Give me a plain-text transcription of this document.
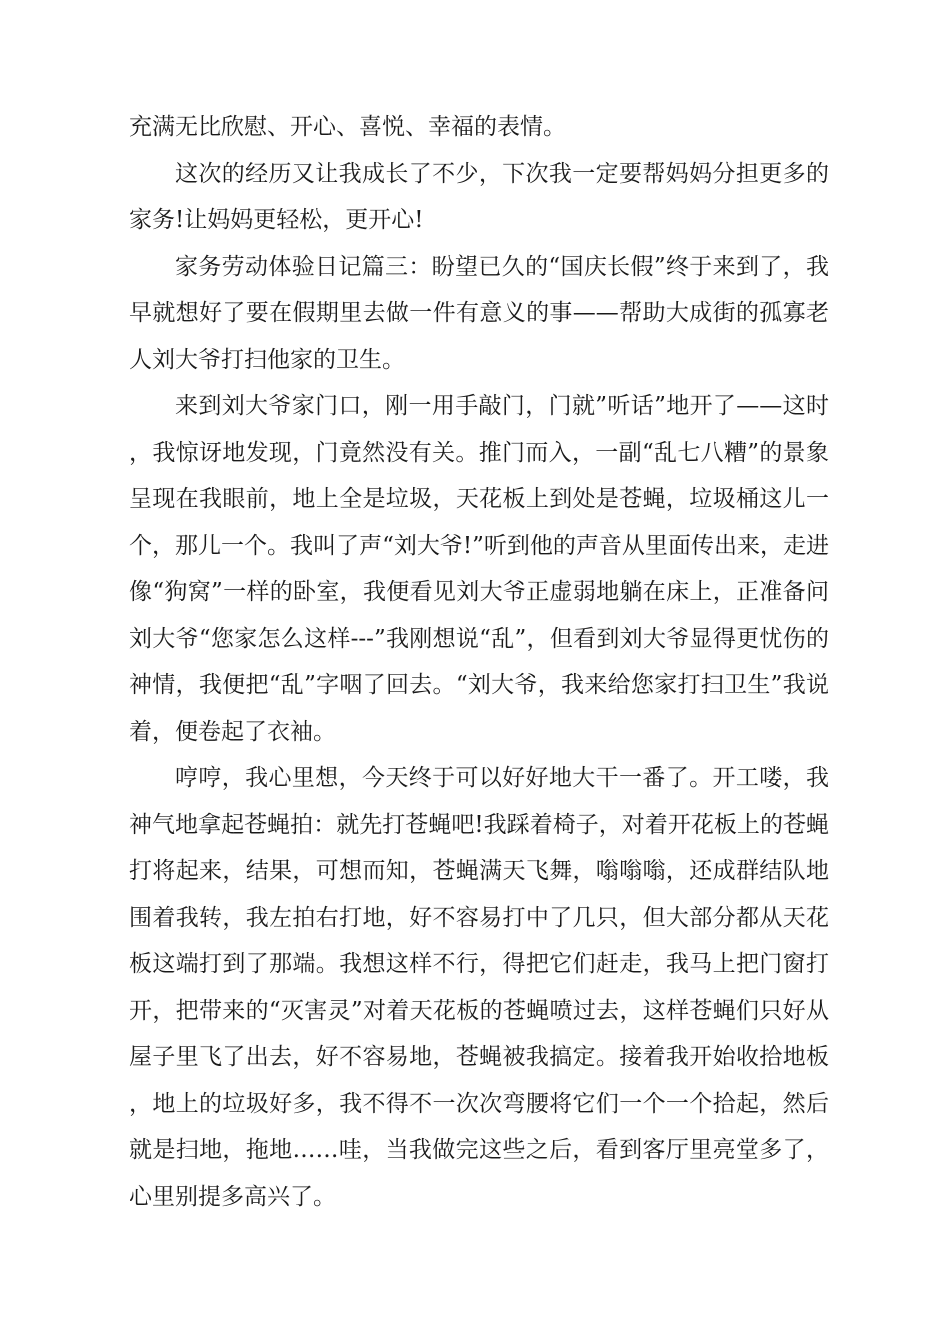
充满无比欣慰、开心、喜悦、幸福的表情。

这次的经历又让我成长了不少，下次我一定要帮妈妈分担更多的家务!让妈妈更轻松，更开心!

家务劳动体验日记篇三：盼望已久的“国庆长假”终于来到了，我早就想好了要在假期里去做一件有意义的事——帮助大成街的孤寡老人刘大爷打扫他家的卫生。

来到刘大爷家门口，刚一用手敲门，门就”听话”地开了——这时，我惊讶地发现，门竟然没有关。推门而入，一副“乱七八糟”的景象呈现在我眼前，地上全是垃圾，天花板上到处是苍蝇，垃圾桶这儿一个，那儿一个。我叫了声“刘大爷!”听到他的声音从里面传出来，走进像“狗窝”一样的卧室，我便看见刘大爷正虚弱地躺在床上，正准备问刘大爷“您家怎么这样---”我刚想说“乱”，但看到刘大爷显得更忧伤的神情，我便把“乱”字咽了回去。“刘大爷，我来给您家打扫卫生”我说着，便卷起了衣袖。

哼哼，我心里想，今天终于可以好好地大干一番了。开工喽，我神气地拿起苍蝇拍：就先打苍蝇吧!我踩着椅子，对着开花板上的苍蝇打将起来，结果，可想而知，苍蝇满天飞舞，嗡嗡嗡，还成群结队地围着我转，我左拍右打地，好不容易打中了几只，但大部分都从天花板这端打到了那端。我想这样不行，得把它们赶走，我马上把门窗打开，把带来的“灭害灵”对着天花板的苍蝇喷过去，这样苍蝇们只好从屋子里飞了出去，好不容易地，苍蝇被我搞定。接着我开始收拾地板，地上的垃圾好多，我不得不一次次弯腰将它们一个一个拾起，然后就是扫地，拖地……哇，当我做完这些之后，看到客厅里亮堂多了，心里别提多高兴了。
